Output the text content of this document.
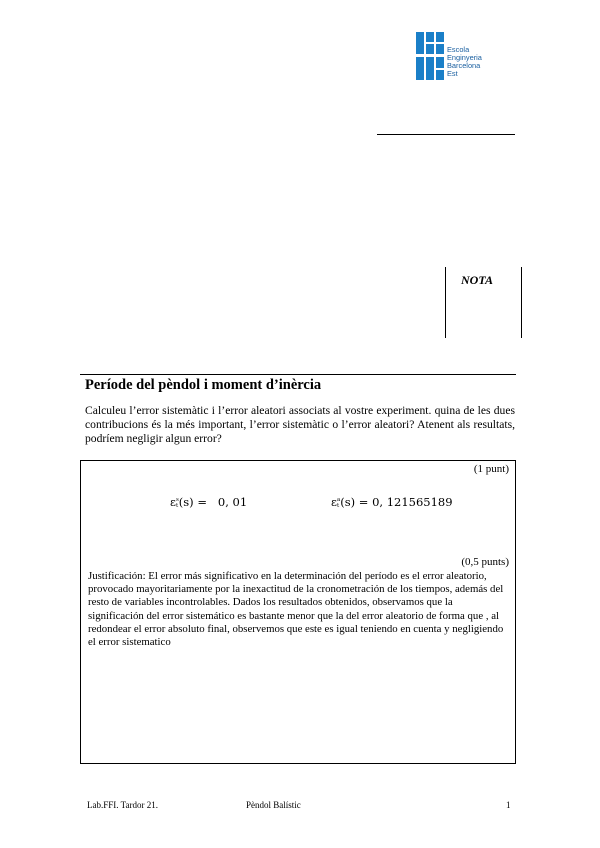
Escola
Enginyeria
Barcelona
Est
NOTA
Període del pèndol i moment d’inèrcia
Calculeu l’error sistemàtic i l’error aleatori associats al vostre experiment. quina de les dues contribucions és la més important, l’error sistemàtic o l’error aleatori? Atenent als resultats, podríem negligir algun error?
(1 punt)
ε s
t (s) =   0, 01	ε a
t (s) = 0, 121565189
(0,5 punts)
Justificación: El error más significativo en la determinación del período es el error aleatorio, provocado mayoritariamente por la inexactitud de la cronometración de los tiempos, además del resto de variables incontrolables. Dados los resultados obtenidos, observamos que la significación del error sistemático es bastante menor que la del error aleatorio de forma que , al redondear el error absoluto final, observemos que este es igual teniendo en cuenta y negligiendo el error sistematico
Lab.FFI. Tardor 21.	Pèndol Balístic	1
